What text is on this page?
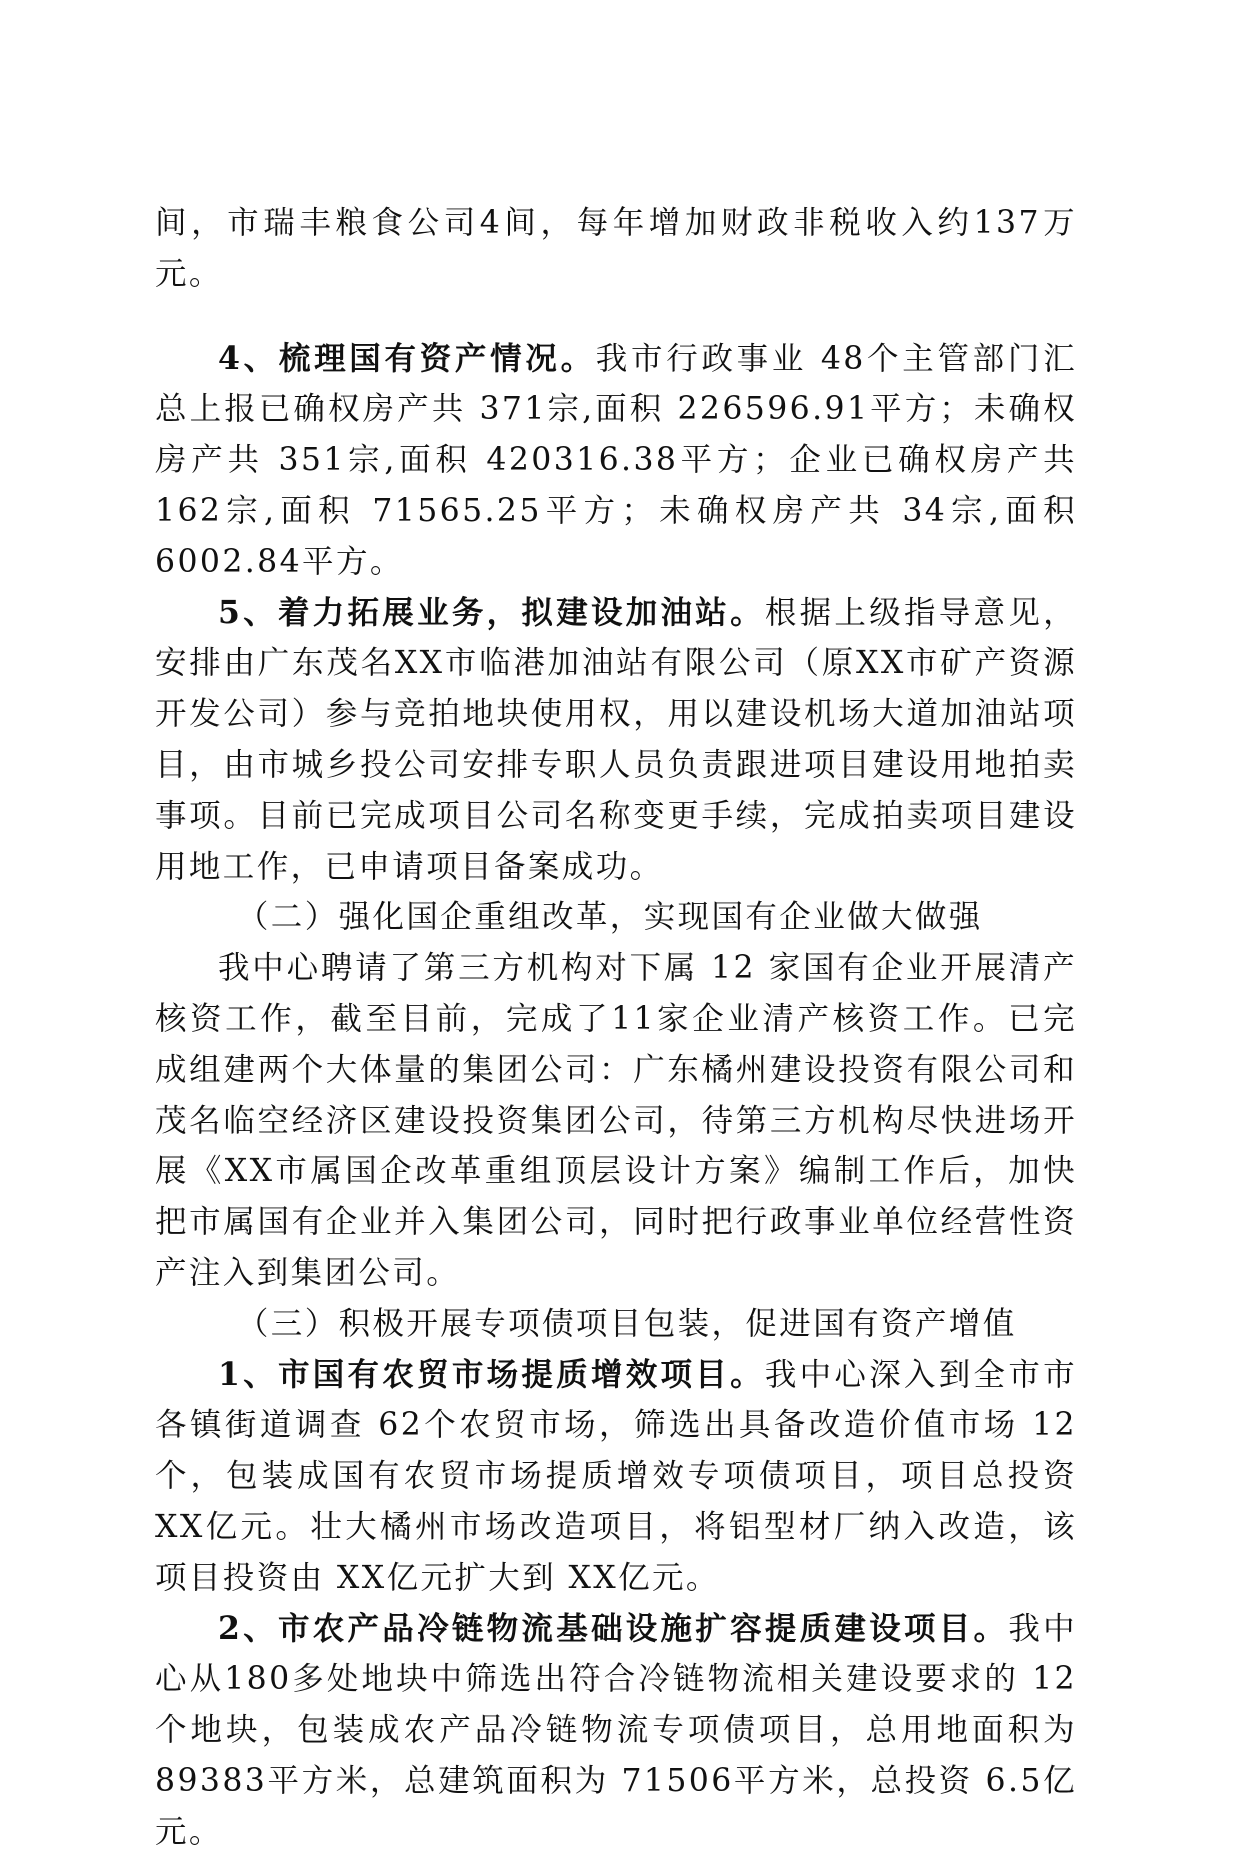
间，市瑞丰粮食公司4间，每年增加财政非税收入约137万元。

4、梳理国有资产情况。我市行政事业 48个主管部门汇总上报已确权房产共 371宗,面积 226596.91平方；未确权房产共 351宗,面积 420316.38平方；企业已确权房产共 162宗,面积 71565.25平方；未确权房产共 34宗,面积 6002.84平方。

5、着力拓展业务，拟建设加油站。根据上级指导意见，安排由广东茂名XX市临港加油站有限公司（原XX市矿产资源开发公司）参与竞拍地块使用权，用以建设机场大道加油站项目，由市城乡投公司安排专职人员负责跟进项目建设用地拍卖事项。目前已完成项目公司名称变更手续，完成拍卖项目建设用地工作，已申请项目备案成功。

（二）强化国企重组改革，实现国有企业做大做强

我中心聘请了第三方机构对下属 12 家国有企业开展清产核资工作，截至目前，完成了11家企业清产核资工作。已完成组建两个大体量的集团公司：广东橘州建设投资有限公司和茂名临空经济区建设投资集团公司，待第三方机构尽快进场开展《XX市属国企改革重组顶层设计方案》编制工作后，加快把市属国有企业并入集团公司，同时把行政事业单位经营性资产注入到集团公司。

（三）积极开展专项债项目包装，促进国有资产增值

1、市国有农贸市场提质增效项目。我中心深入到全市市各镇街道调查 62个农贸市场，筛选出具备改造价值市场 12个，包装成国有农贸市场提质增效专项债项目，项目总投资 XX亿元。壮大橘州市场改造项目，将铝型材厂纳入改造，该项目投资由 XX亿元扩大到 XX亿元。

2、市农产品冷链物流基础设施扩容提质建设项目。我中心从180多处地块中筛选出符合冷链物流相关建设要求的 12个地块，包装成农产品冷链物流专项债项目，总用地面积为 89383平方米，总建筑面积为 71506平方米，总投资 6.5亿元。
